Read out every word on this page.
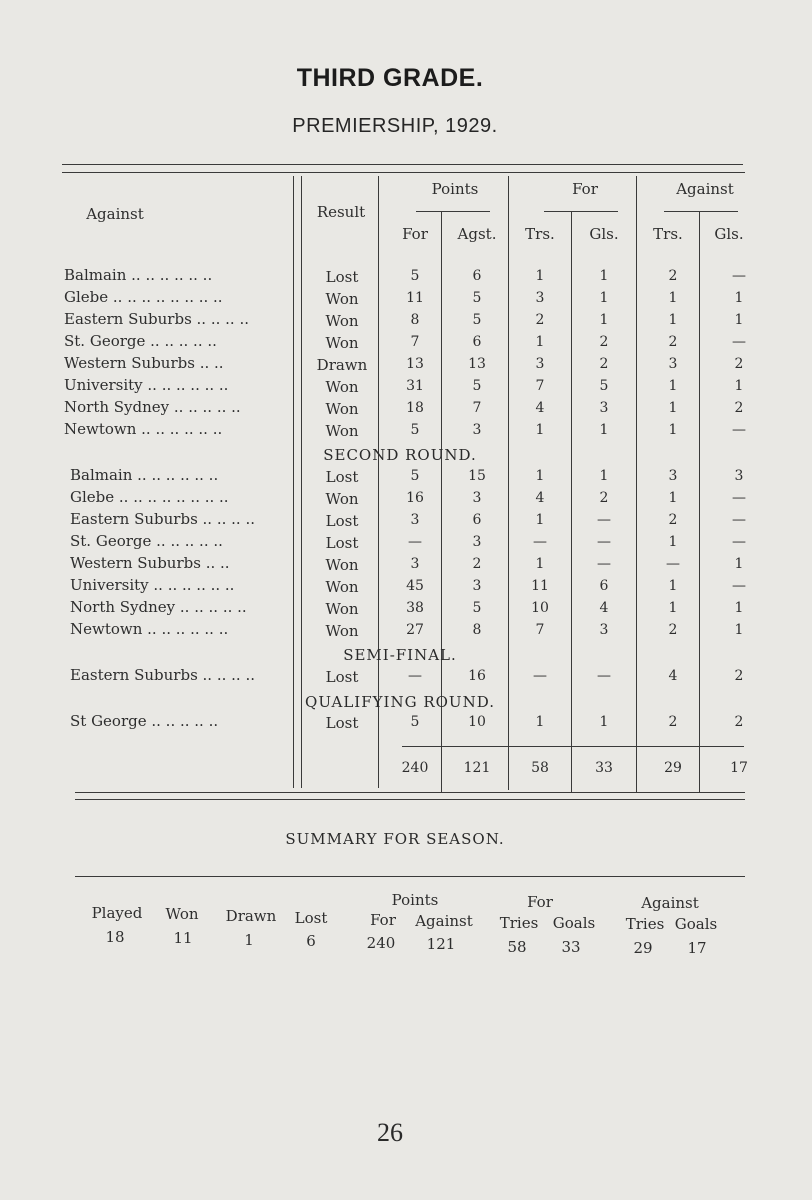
THIRD GRADE.
PREMIERSHIP, 1929.
Against	Result
Points	For	Against
For	Agst.	Trs.	Gls.	Trs.	Gls.
Balmain .. .. .. .. .. ..	Lost	5	6	1	1	2	—
Glebe .. .. .. .. .. .. .. ..	Won	11	5	3	1	1	1
Eastern Suburbs .. .. .. ..	Won	8	5	2	1	1	1
St. George .. .. .. .. ..	Won	7	6	1	2	2	—
Western Suburbs .. ..	Drawn	13	13	3	2	3	2
University .. .. .. .. .. ..	Won	31	5	7	5	1	1
North Sydney .. .. .. .. ..	Won	18	7	4	3	1	2
Newtown .. .. .. .. .. ..	Won	5	3	1	1	1	—
SECOND ROUND.
Balmain .. .. .. .. .. ..	Lost	5	15	1	1	3	3
Glebe .. .. .. .. .. .. .. ..	Won	16	3	4	2	1	—
Eastern Suburbs .. .. .. ..	Lost	3	6	1	—	2	—
St. George .. .. .. .. ..	Lost	—	3	—	—	1	—
Western Suburbs .. ..	Won	3	2	1	—	—	1
University .. .. .. .. .. ..	Won	45	3	11	6	1	—
North Sydney .. .. .. .. ..	Won	38	5	10	4	1	1
Newtown .. .. .. .. .. ..	Won	27	8	7	3	2	1
SEMI-FINAL.
Eastern Suburbs .. .. .. ..	Lost	—	16	—	—	4	2
QUALIFYING ROUND.
St George .. .. .. .. ..	Lost	5	10	1	1	2	2
240	121	58	33	29	17
SUMMARY FOR SEASON.
Points	For	Against
Played	Won	Drawn	Lost	For	Against	Tries Goals	Tries Goals
18	11	1	6	240	121	58	33	29	17
26
